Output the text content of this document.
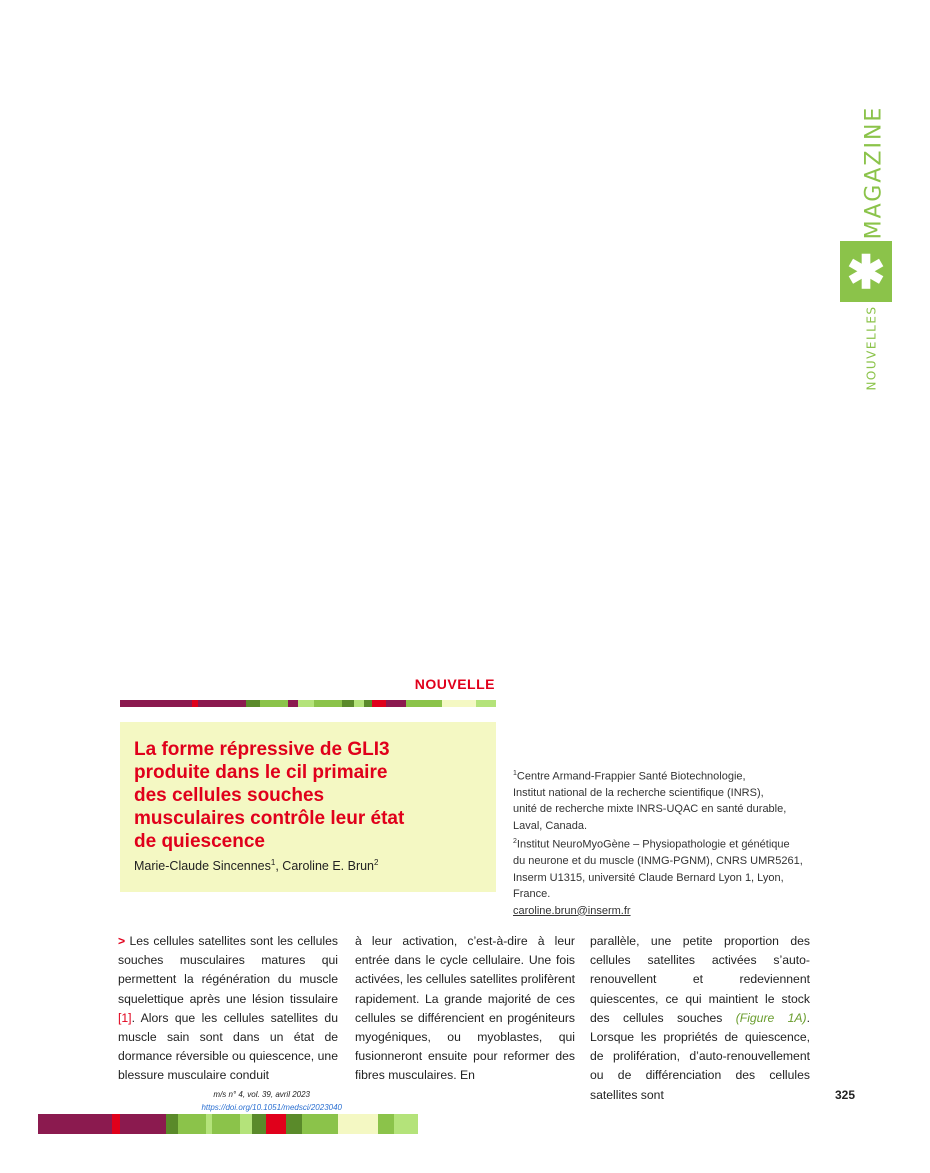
MAGAZINE
✱
NOUVELLES
NOUVELLE
La forme répressive de GLI3
produite dans le cil primaire
des cellules souches
musculaires contrôle leur état
de quiescence
Marie-Claude Sincennes$^1$, Caroline E. Brun$^2$
$^1$Centre Armand-Frappier Santé Biotechnologie,
Institut national de la recherche scientifique (INRS),
unité de recherche mixte INRS-UQAC en santé durable,
Laval, Canada.
$^2$Institut NeuroMyoGène – Physiopathologie et génétique
du neurone et du muscle (INMG-PGNM), CNRS UMR5261,
Inserm U1315, université Claude Bernard Lyon 1, Lyon, France.
caroline.brun@inserm.fr
> Les cellules satellites sont les cellules souches musculaires matures qui permettent la régénération du muscle squelettique après une lésion tissulaire [1]. Alors que les cellules satellites du muscle sain sont dans un état de dormance réversible ou quiescence, une blessure musculaire conduit
à leur activation, c’est-à-dire à leur entrée dans le cycle cellulaire. Une fois activées, les cellules satellites prolifèrent rapidement. La grande majorité de ces cellules se différencient en progéniteurs myogéniques, ou myoblastes, qui fusionneront ensuite pour reformer des fibres musculaires. En
parallèle, une petite proportion des cellules satellites activées s’auto-renouvellent et redeviennent quiescentes, ce qui maintient le stock des cellules souches (Figure 1A). Lorsque les propriétés de quiescence, de prolifération, d’auto-renouvellement ou de différenciation des cellules satellites sont
m/s n° 4, vol. 39, avril 2023
https://doi.org/10.1051/medsci/2023040
325
